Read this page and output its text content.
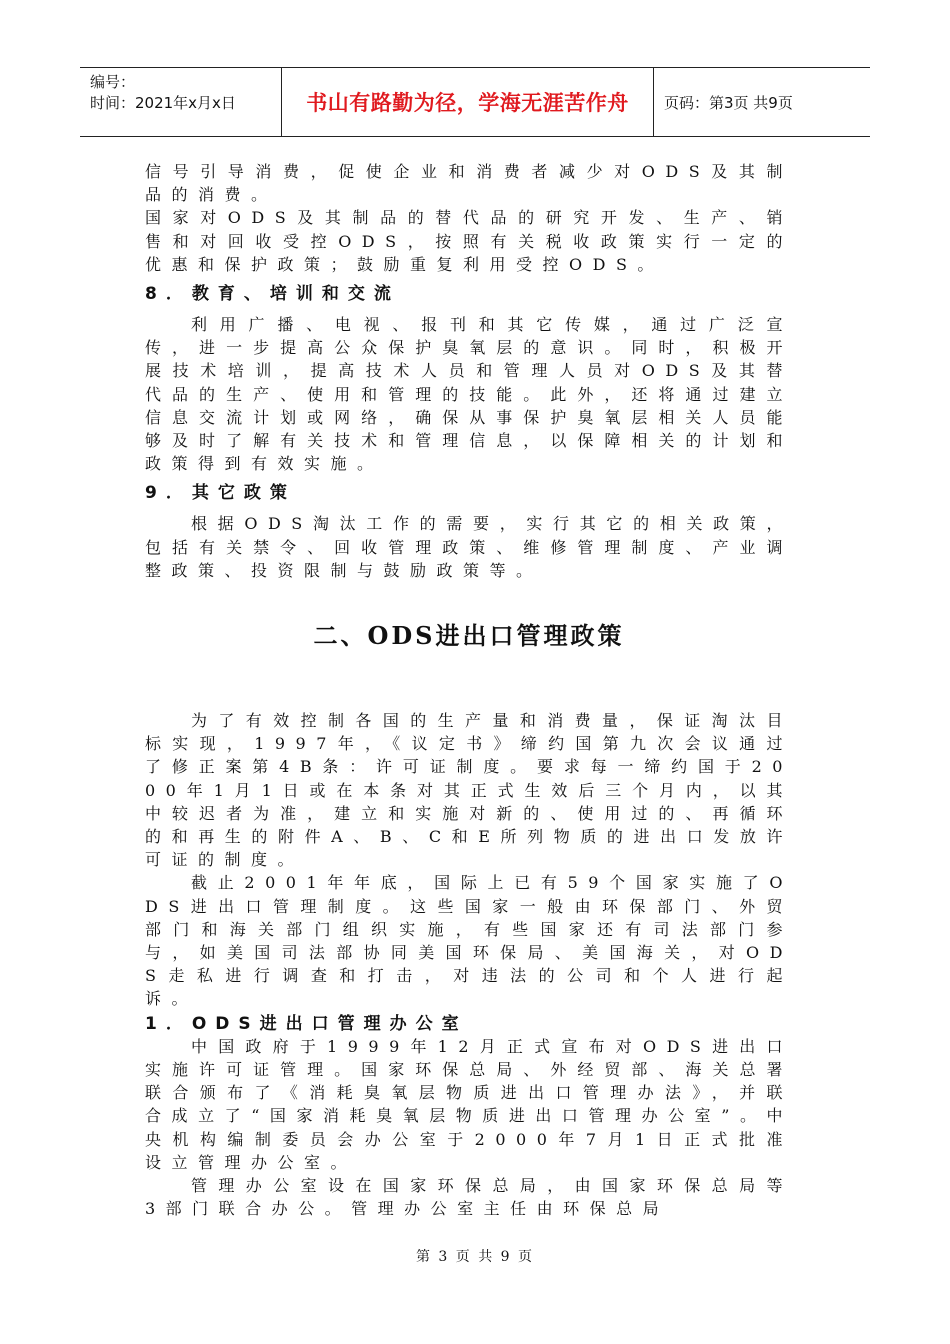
编号：
时间：2021年x月x日	书山有路勤为径，学海无涯苦作舟	页码：第3页 共9页

信号引导消费，促使企业和消费者减少对ODS及其制品的消费。

国家对ODS及其制品的替代品的研究开发、生产、销售和对回收受控ODS，按照有关税收政策实行一定的优惠和保护政策；鼓励重复利用受控ODS。

8．教育、培训和交流

利用广播、电视、报刊和其它传媒，通过广泛宣传，进一步提高公众保护臭氧层的意识。同时，积极开展技术培训，提高技术人员和管理人员对ODS及其替代品的生产、使用和管理的技能。此外，还将通过建立信息交流计划或网络，确保从事保护臭氧层相关人员能够及时了解有关技术和管理信息，以保障相关的计划和政策得到有效实施。

9．其它政策

根据ODS淘汰工作的需要，实行其它的相关政策，包括有关禁令、回收管理政策、维修管理制度、产业调整政策、投资限制与鼓励政策等。

二、ODS进出口管理政策

为了有效控制各国的生产量和消费量，保证淘汰目标实现，1997年，《议定书》缔约国第九次会议通过了修正案第4B条：许可证制度。要求每一缔约国于2000年1月1日或在本条对其正式生效后三个月内，以其中较迟者为准，建立和实施对新的、使用过的、再循环的和再生的附件A、B、C和E所列物质的进出口发放许可证的制度。

截止2001年年底，国际上已有59个国家实施了ODS进出口管理制度。这些国家一般由环保部门、外贸部门和海关部门组织实施，有些国家还有司法部门参与，如美国司法部协同美国环保局、美国海关，对ODS走私进行调查和打击，对违法的公司和个人进行起诉。

1．ODS进出口管理办公室

中国政府于1999年12月正式宣布对ODS进出口实施许可证管理。国家环保总局、外经贸部、海关总署联合颁布了《消耗臭氧层物质进出口管理办法》，并联合成立了“国家消耗臭氧层物质进出口管理办公室”。中央机构编制委员会办公室于2000年7月1日正式批准设立管理办公室。

管理办公室设在国家环保总局，由国家环保总局等3部门联合办公。管理办公室主任由环保总局

第 3 页 共 9 页
